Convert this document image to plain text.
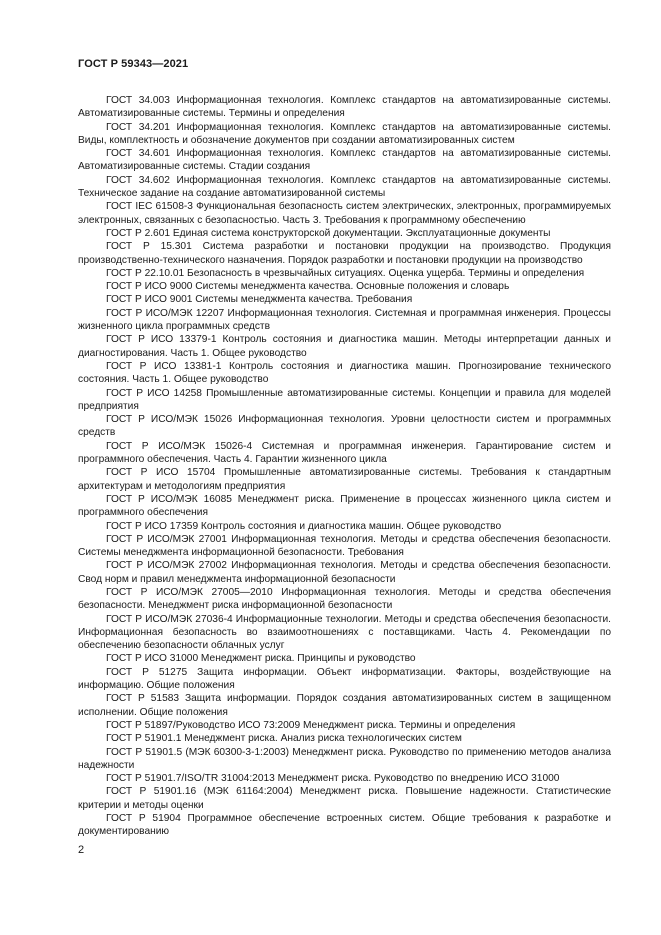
ГОСТ Р 59343—2021

ГОСТ 34.003 Информационная технология. Комплекс стандартов на автоматизированные системы. Автоматизированные системы. Термины и определения

ГОСТ 34.201 Информационная технология. Комплекс стандартов на автоматизированные системы. Виды, комплектность и обозначение документов при создании автоматизированных систем

ГОСТ 34.601 Информационная технология. Комплекс стандартов на автоматизированные системы. Автоматизированные системы. Стадии создания

ГОСТ 34.602 Информационная технология. Комплекс стандартов на автоматизированные системы. Техническое задание на создание автоматизированной системы

ГОСТ IEC 61508-3 Функциональная безопасность систем электрических, электронных, программируемых электронных, связанных с безопасностью. Часть 3. Требования к программному обеспечению

ГОСТ Р 2.601 Единая система конструкторской документации. Эксплуатационные документы

ГОСТ Р 15.301 Система разработки и постановки продукции на производство. Продукция производственно-технического назначения. Порядок разработки и постановки продукции на производство

ГОСТ Р 22.10.01 Безопасность в чрезвычайных ситуациях. Оценка ущерба. Термины и определения

ГОСТ Р ИСО 9000 Системы менеджмента качества. Основные положения и словарь

ГОСТ Р ИСО 9001 Системы менеджмента качества. Требования

ГОСТ Р ИСО/МЭК 12207 Информационная технология. Системная и программная инженерия. Процессы жизненного цикла программных средств

ГОСТ Р ИСО 13379-1 Контроль состояния и диагностика машин. Методы интерпретации данных и диагностирования. Часть 1. Общее руководство

ГОСТ Р ИСО 13381-1 Контроль состояния и диагностика машин. Прогнозирование технического состояния. Часть 1. Общее руководство

ГОСТ Р ИСО 14258 Промышленные автоматизированные системы. Концепции и правила для моделей предприятия

ГОСТ Р ИСО/МЭК 15026 Информационная технология. Уровни целостности систем и программных средств

ГОСТ Р ИСО/МЭК 15026-4 Системная и программная инженерия. Гарантирование систем и программного обеспечения. Часть 4. Гарантии жизненного цикла

ГОСТ Р ИСО 15704 Промышленные автоматизированные системы. Требования к стандартным архитектурам и методологиям предприятия

ГОСТ Р ИСО/МЭК 16085 Менеджмент риска. Применение в процессах жизненного цикла систем и программного обеспечения

ГОСТ Р ИСО 17359 Контроль состояния и диагностика машин. Общее руководство

ГОСТ Р ИСО/МЭК 27001 Информационная технология. Методы и средства обеспечения безопасности. Системы менеджмента информационной безопасности. Требования

ГОСТ Р ИСО/МЭК 27002 Информационная технология. Методы и средства обеспечения безопасности. Свод норм и правил менеджмента информационной безопасности

ГОСТ Р ИСО/МЭК 27005—2010 Информационная технология. Методы и средства обеспечения безопасности. Менеджмент риска информационной безопасности

ГОСТ Р ИСО/МЭК 27036-4 Информационные технологии. Методы и средства обеспечения безопасности. Информационная безопасность во взаимоотношениях с поставщиками. Часть 4. Рекомендации по обеспечению безопасности облачных услуг

ГОСТ Р ИСО 31000 Менеджмент риска. Принципы и руководство

ГОСТ Р 51275 Защита информации. Объект информатизации. Факторы, воздействующие на информацию. Общие положения

ГОСТ Р 51583 Защита информации. Порядок создания автоматизированных систем в защищенном исполнении. Общие положения

ГОСТ Р 51897/Руководство ИСО 73:2009 Менеджмент риска. Термины и определения

ГОСТ Р 51901.1 Менеджмент риска. Анализ риска технологических систем

ГОСТ Р 51901.5 (МЭК 60300-3-1:2003) Менеджмент риска. Руководство по применению методов анализа надежности

ГОСТ Р 51901.7/ISO/TR 31004:2013 Менеджмент риска. Руководство по внедрению ИСО 31000

ГОСТ Р 51901.16 (МЭК 61164:2004) Менеджмент риска. Повышение надежности. Статистические критерии и методы оценки

ГОСТ Р 51904 Программное обеспечение встроенных систем. Общие требования к разработке и документированию

2
